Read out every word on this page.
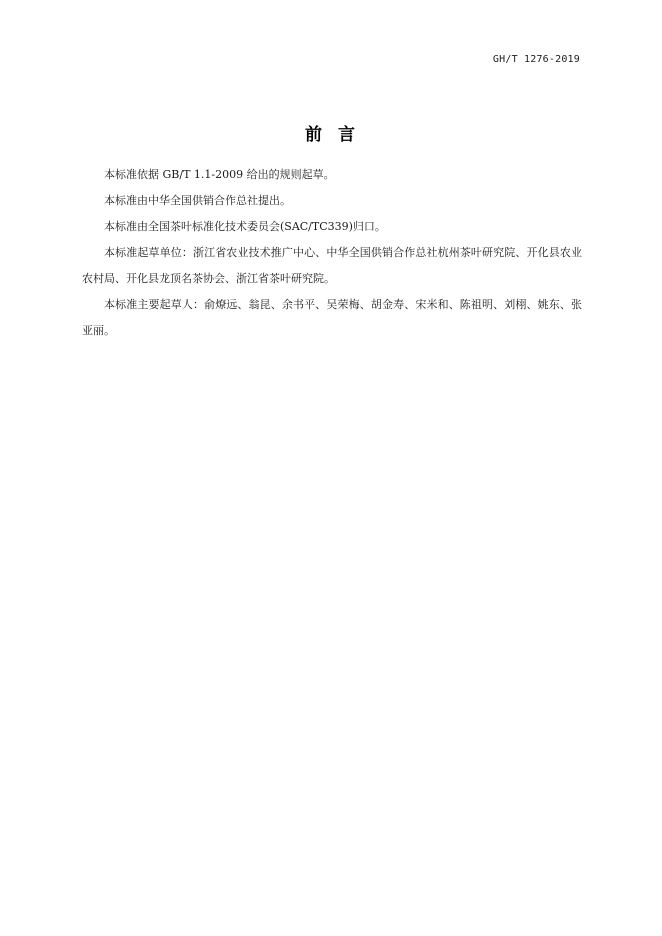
GH/T 1276-2019
前 言

本标准依据 GB/T 1.1-2009 给出的规则起草。

本标准由中华全国供销合作总社提出。

本标准由全国茶叶标准化技术委员会(SAC/TC339)归口。

本标准起草单位：浙江省农业技术推广中心、中华全国供销合作总社杭州茶叶研究院、开化县农业农村局、开化县龙顶名茶协会、浙江省茶叶研究院。

本标准主要起草人：俞燎远、翁昆、余书平、吴荣梅、胡金寿、宋米和、陈祖明、刘栩、姚东、张亚丽。
